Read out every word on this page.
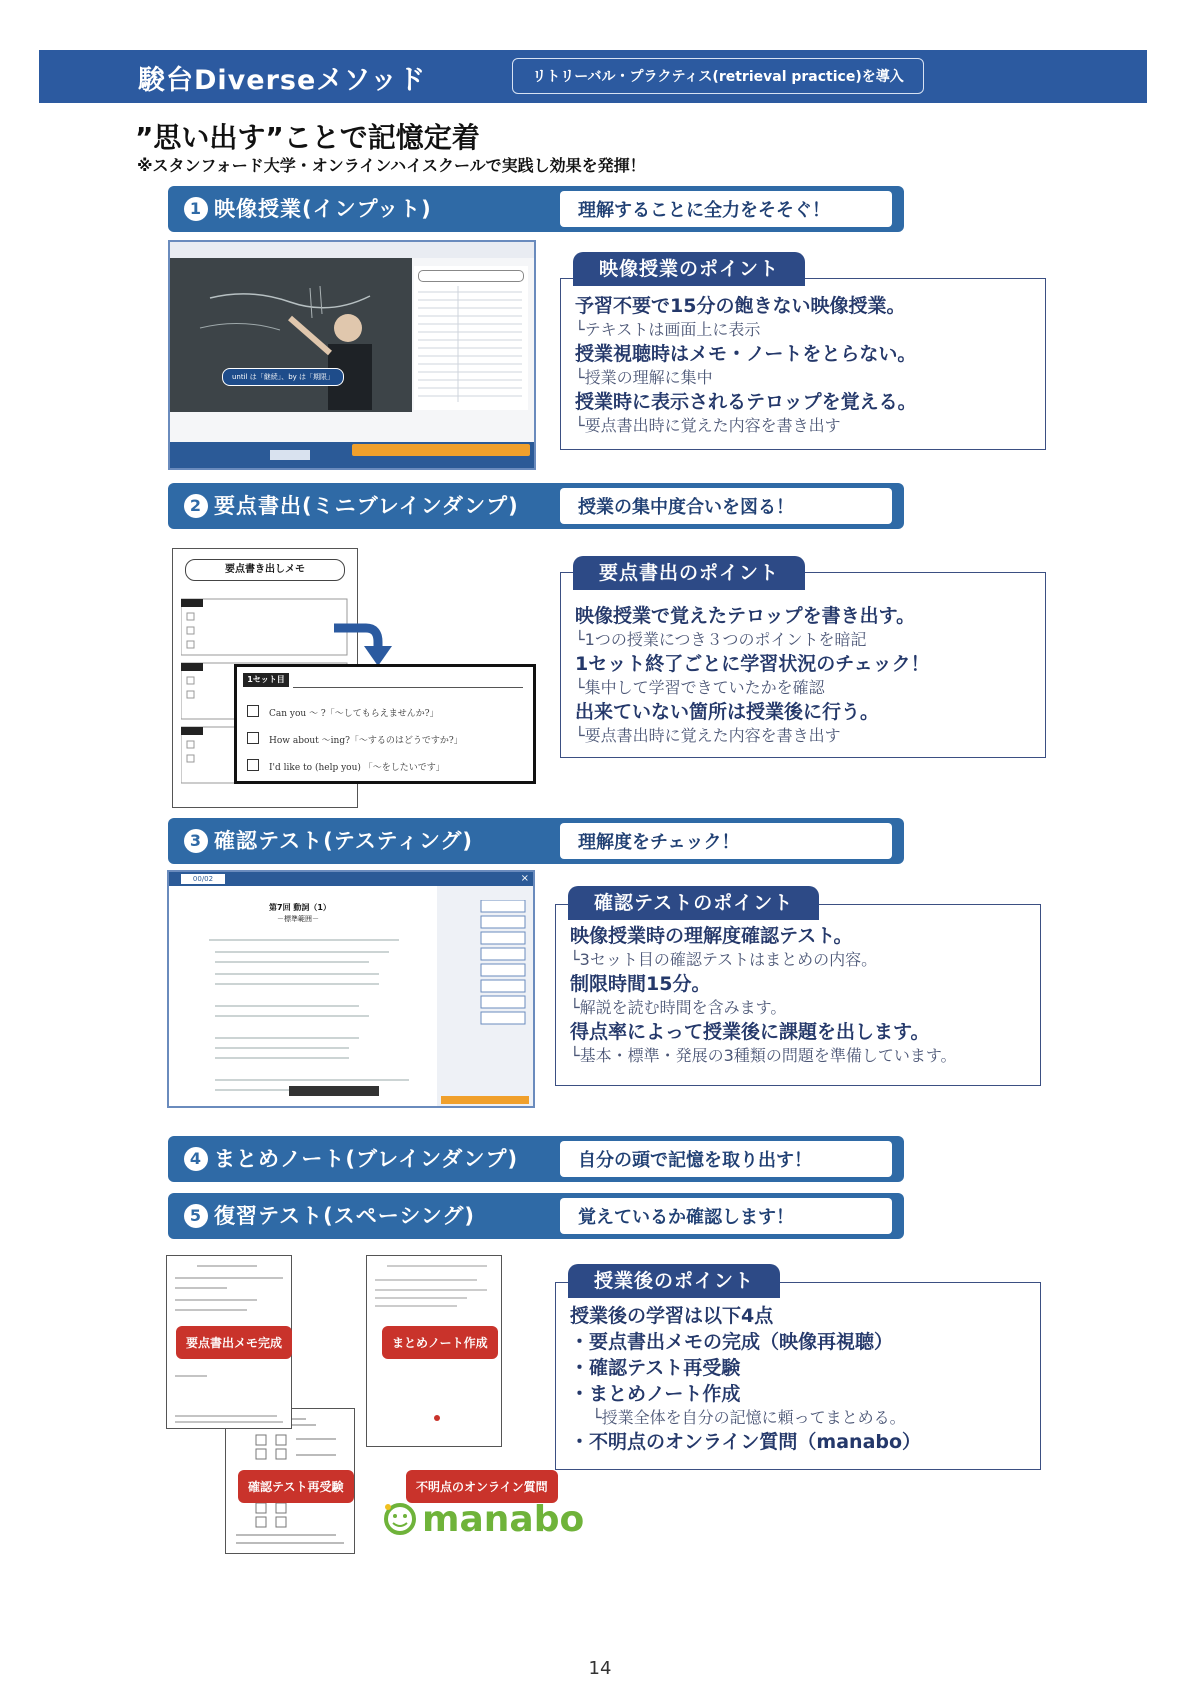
駿台Diverseメソッド	リトリーバル・プラクティス(retrieval practice)を導入
”思い出す”ことで記憶定着
※スタンフォード大学・オンラインハイスクールで実践し効果を発揮！
1 映像授業(インプット)	理解することに全力をそそぐ！
until は「継続」、by は「期限」
予習不要で15分の飽きない映像授業。
└テキストは画面上に表示
授業視聴時はメモ・ノートをとらない。
└授業の理解に集中
授業時に表示されるテロップを覚える。
└要点書出時に覚えた内容を書き出す
映像授業のポイント
2 要点書出(ミニブレインダンプ)	授業の集中度合いを図る！
要点書き出しメモ
1セット目
Can you ～ ?「～してもらえませんか?」
How about ～ing?「～するのはどうですか?」
I'd like to (help you) 「～をしたいです」
映像授業で覚えたテロップを書き出す。
└1つの授業につき３つのポイントを暗記
1セット終了ごとに学習状況のチェック！
└集中して学習できていたかを確認
出来ていない箇所は授業後に行う。
└要点書出時に覚えた内容を書き出す
要点書出のポイント
3 確認テスト(テスティング)	理解度をチェック！
00/02	×
第7回 動詞（1）
－標準範囲－
映像授業時の理解度確認テスト。
└3セット目の確認テストはまとめの内容。
制限時間15分。
└解説を読む時間を含みます。
得点率によって授業後に課題を出します。
└基本・標準・発展の3種類の問題を準備しています。
確認テストのポイント
4 まとめノート(ブレインダンプ)	自分の頭で記憶を取り出す！
5 復習テスト(スペーシング)	覚えているか確認します！
要点書出メモ完成	まとめノート作成
確認テスト再受験	不明点のオンライン質問
manabo
授業後の学習は以下4点
・要点書出メモの完成（映像再視聴）
・確認テスト再受験
・まとめノート作成
└授業全体を自分の記憶に頼ってまとめる。
・不明点のオンライン質問（manabo）
授業後のポイント
14
